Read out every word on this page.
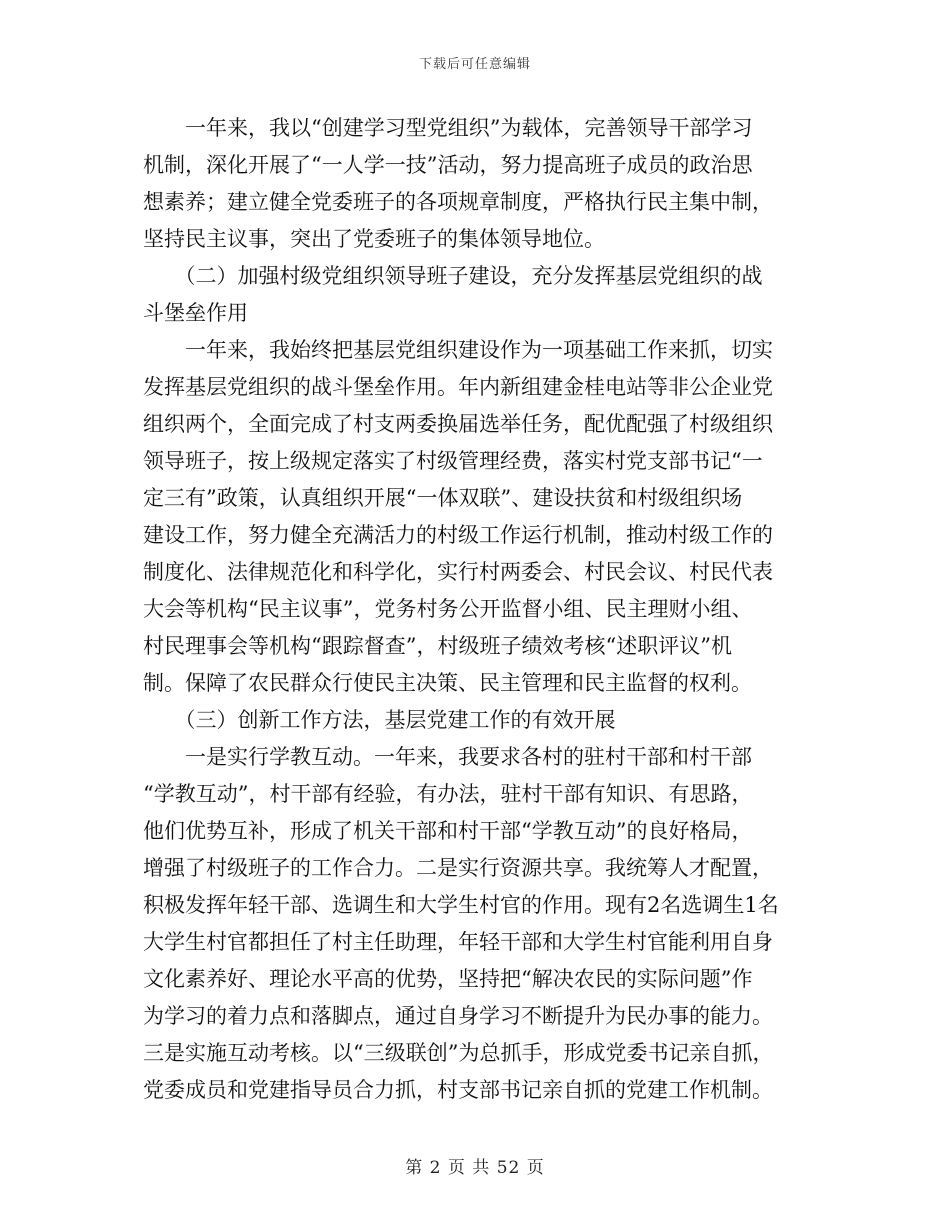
下载后可任意编辑
　　一年来，我以“创建学习型党组织”为载体，完善领导干部学习
机制，深化开展了“一人学一技”活动，努力提高班子成员的政治思
想素养；建立健全党委班子的各项规章制度，严格执行民主集中制，
坚持民主议事，突出了党委班子的集体领导地位。
　　（二）加强村级党组织领导班子建设，充分发挥基层党组织的战
斗堡垒作用
　　一年来，我始终把基层党组织建设作为一项基础工作来抓，切实
发挥基层党组织的战斗堡垒作用。年内新组建金桂电站等非公企业党
组织两个，全面完成了村支两委换届选举任务，配优配强了村级组织
领导班子，按上级规定落实了村级管理经费，落实村党支部书记“一
定三有”政策，认真组织开展“一体双联”、建设扶贫和村级组织场
建设工作，努力健全充满活力的村级工作运行机制，推动村级工作的
制度化、法律规范化和科学化，实行村两委会、村民会议、村民代表
大会等机构“民主议事”，党务村务公开监督小组、民主理财小组、
村民理事会等机构“跟踪督查”，村级班子绩效考核“述职评议”机
制。保障了农民群众行使民主决策、民主管理和民主监督的权利。
　　（三）创新工作方法，基层党建工作的有效开展
　　一是实行学教互动。一年来，我要求各村的驻村干部和村干部
“学教互动”，村干部有经验，有办法，驻村干部有知识、有思路，
他们优势互补，形成了机关干部和村干部“学教互动”的良好格局，
增强了村级班子的工作合力。二是实行资源共享。我统筹人才配置，
积极发挥年轻干部、选调生和大学生村官的作用。现有2名选调生1名
大学生村官都担任了村主任助理，年轻干部和大学生村官能利用自身
文化素养好、理论水平高的优势，坚持把“解决农民的实际问题”作
为学习的着力点和落脚点，通过自身学习不断提升为民办事的能力。
三是实施互动考核。以“三级联创”为总抓手，形成党委书记亲自抓，
党委成员和党建指导员合力抓，村支部书记亲自抓的党建工作机制。
第 2 页 共 52 页
